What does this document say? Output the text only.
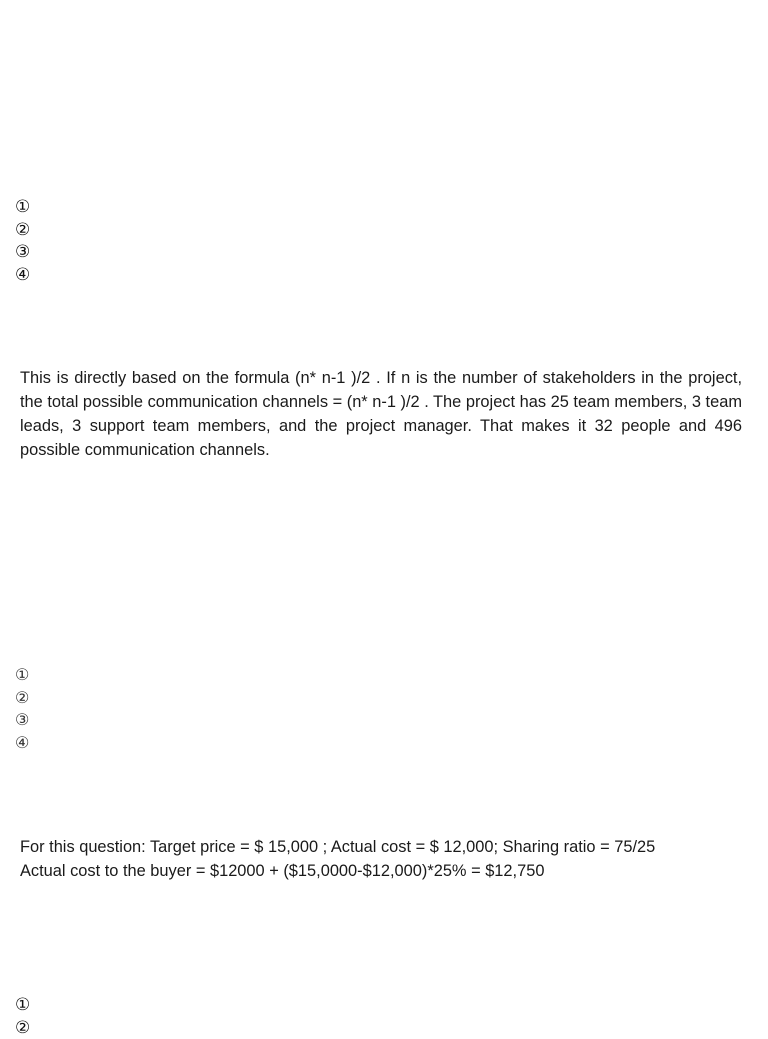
①
②
③
④

This is directly based on the formula (n* n-1 )/2 . If n is the number of stakeholders in the project, the total possible communication channels = (n* n-1 )/2 . The project has 25 team members, 3 team leads, 3 support team members, and the project manager. That makes it 32 people and 496 possible communication channels.

①
②
③
④

For this question: Target price = $ 15,000 ; Actual cost = $ 12,000; Sharing ratio = 75/25
Actual cost to the buyer = $12000 + ($15,0000-$12,000)*25% = $12,750

①
②
